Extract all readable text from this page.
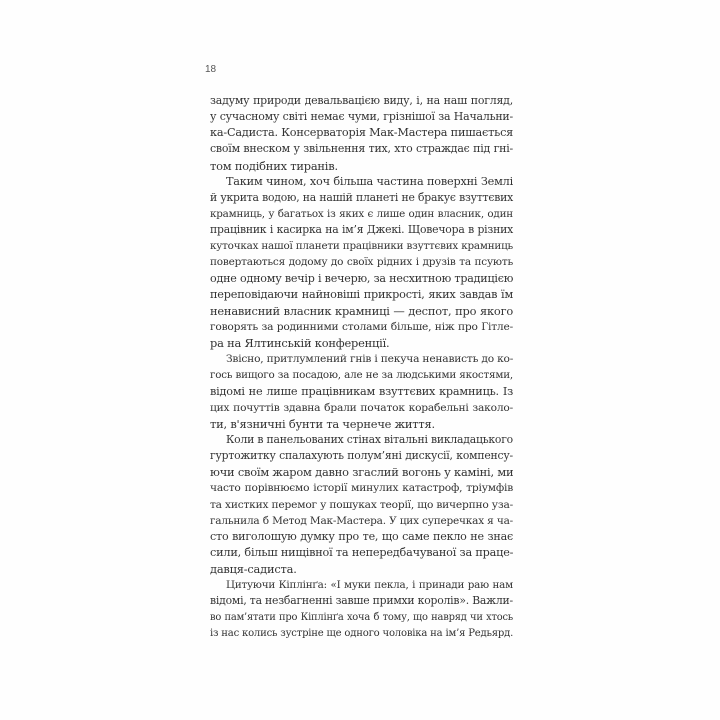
18
задуму природи девальвацією виду, і, на наш погляд,
у сучасному світі немає чуми, грізнішої за Начальни-
ка-Садиста. Консерваторія Мак-Мастера пишається
своїм внеском у звільнення тих, хто страждає під гні-
том подібних тиранів.
Таким чином, хоч більша частина поверхні Землі
й укрита водою, на нашій планеті не бракує взуттєвих
крамниць, у багатьох із яких є лише один власник, один
працівник і касирка на ім’я Джекі. Щовечора в різних
куточках нашої планети працівники взуттєвих крамниць
повертаються додому до своїх рідних і друзів та псують
одне одному вечір і вечерю, за несхитною традицією
переповідаючи найновіші прикрості, яких завдав їм
ненависний власник крамниці — деспот, про якого
говорять за родинними столами більше, ніж про Гітле-
ра на Ялтинській конференції.
Звісно, притлумлений гнів і пекуча ненависть до ко-
гось вищого за посадою, але не за людськими якостями,
відомі не лише працівникам взуттєвих крамниць. Із
цих почуттів здавна брали початок корабельні заколо-
ти, в'язничні бунти та чернече життя.
Коли в панельованих стінах вітальні викладацького
гуртожитку спалахують полум’яні дискусії, компенсу-
ючи своїм жаром давно згаслий вогонь у каміні, ми
часто порівнюємо історії минулих катастроф, тріумфів
та хистких перемог у пошуках теорії, що вичерпно уза-
гальнила б Метод Мак-Мастера. У цих суперечках я ча-
сто виголошую думку про те, що саме пекло не знає
сили, більш нищівної та непередбачуваної за праце-
давця-садиста.
Цитуючи Кіплінґа: «І муки пекла, і принади раю нам
відомі, та незбагненні завше примхи королів». Важли-
во пам’ятати про Кіплінґа хоча б тому, що навряд чи хтось
із нас колись зустріне ще одного чоловіка на ім’я Редьярд.
